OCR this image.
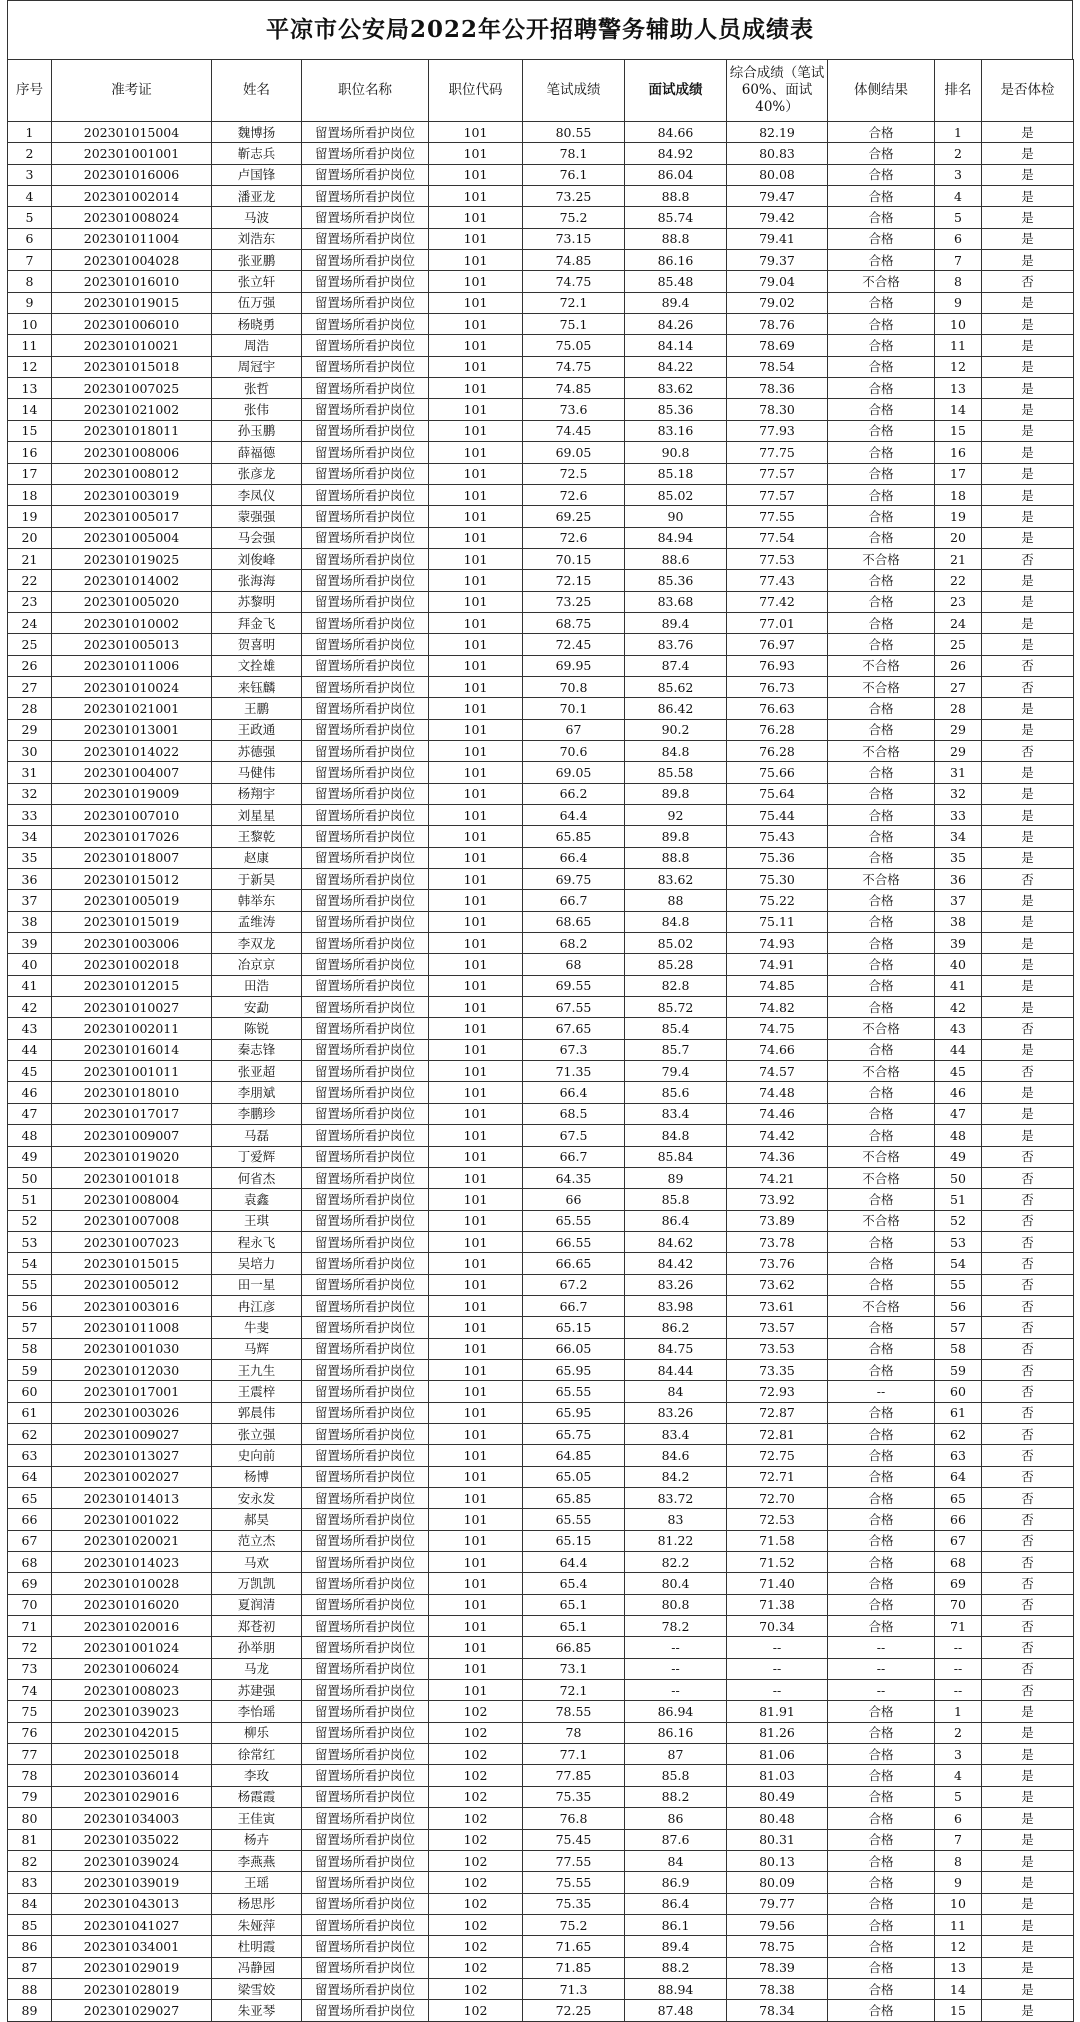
平凉市公安局2022年公开招聘警务辅助人员成绩表
序号	准考证	姓名	职位名称	职位代码	笔试成绩	面试成绩	综合成绩（笔试60%、面试40%）	体侧结果	排名	是否体检
1	202301015004	魏博扬	留置场所看护岗位	101	80.55	84.66	82.19	合格	1	是
2	202301001001	靳志兵	留置场所看护岗位	101	78.1	84.92	80.83	合格	2	是
3	202301016006	卢国锋	留置场所看护岗位	101	76.1	86.04	80.08	合格	3	是
4	202301002014	潘亚龙	留置场所看护岗位	101	73.25	88.8	79.47	合格	4	是
5	202301008024	马波	留置场所看护岗位	101	75.2	85.74	79.42	合格	5	是
6	202301011004	刘浩东	留置场所看护岗位	101	73.15	88.8	79.41	合格	6	是
7	202301004028	张亚鹏	留置场所看护岗位	101	74.85	86.16	79.37	合格	7	是
8	202301016010	张立轩	留置场所看护岗位	101	74.75	85.48	79.04	不合格	8	否
9	202301019015	伍万强	留置场所看护岗位	101	72.1	89.4	79.02	合格	9	是
10	202301006010	杨晓勇	留置场所看护岗位	101	75.1	84.26	78.76	合格	10	是
11	202301010021	周浩	留置场所看护岗位	101	75.05	84.14	78.69	合格	11	是
12	202301015018	周冠宇	留置场所看护岗位	101	74.75	84.22	78.54	合格	12	是
13	202301007025	张哲	留置场所看护岗位	101	74.85	83.62	78.36	合格	13	是
14	202301021002	张伟	留置场所看护岗位	101	73.6	85.36	78.30	合格	14	是
15	202301018011	孙玉鹏	留置场所看护岗位	101	74.45	83.16	77.93	合格	15	是
16	202301008006	薛福德	留置场所看护岗位	101	69.05	90.8	77.75	合格	16	是
17	202301008012	张彦龙	留置场所看护岗位	101	72.5	85.18	77.57	合格	17	是
18	202301003019	李凤仪	留置场所看护岗位	101	72.6	85.02	77.57	合格	18	是
19	202301005017	蒙强强	留置场所看护岗位	101	69.25	90	77.55	合格	19	是
20	202301005004	马会强	留置场所看护岗位	101	72.6	84.94	77.54	合格	20	是
21	202301019025	刘俊峰	留置场所看护岗位	101	70.15	88.6	77.53	不合格	21	否
22	202301014002	张海海	留置场所看护岗位	101	72.15	85.36	77.43	合格	22	是
23	202301005020	苏黎明	留置场所看护岗位	101	73.25	83.68	77.42	合格	23	是
24	202301010002	拜金飞	留置场所看护岗位	101	68.75	89.4	77.01	合格	24	是
25	202301005013	贺喜明	留置场所看护岗位	101	72.45	83.76	76.97	合格	25	是
26	202301011006	文拴雄	留置场所看护岗位	101	69.95	87.4	76.93	不合格	26	否
27	202301010024	来钰麟	留置场所看护岗位	101	70.8	85.62	76.73	不合格	27	否
28	202301021001	王鹏	留置场所看护岗位	101	70.1	86.42	76.63	合格	28	是
29	202301013001	王政通	留置场所看护岗位	101	67	90.2	76.28	合格	29	是
30	202301014022	苏德强	留置场所看护岗位	101	70.6	84.8	76.28	不合格	29	否
31	202301004007	马健伟	留置场所看护岗位	101	69.05	85.58	75.66	合格	31	是
32	202301019009	杨翔宇	留置场所看护岗位	101	66.2	89.8	75.64	合格	32	是
33	202301007010	刘星星	留置场所看护岗位	101	64.4	92	75.44	合格	33	是
34	202301017026	王黎乾	留置场所看护岗位	101	65.85	89.8	75.43	合格	34	是
35	202301018007	赵康	留置场所看护岗位	101	66.4	88.8	75.36	合格	35	是
36	202301015012	于新昊	留置场所看护岗位	101	69.75	83.62	75.30	不合格	36	否
37	202301005019	韩举东	留置场所看护岗位	101	66.7	88	75.22	合格	37	是
38	202301015019	孟维涛	留置场所看护岗位	101	68.65	84.8	75.11	合格	38	是
39	202301003006	李双龙	留置场所看护岗位	101	68.2	85.02	74.93	合格	39	是
40	202301002018	冶京京	留置场所看护岗位	101	68	85.28	74.91	合格	40	是
41	202301012015	田浩	留置场所看护岗位	101	69.55	82.8	74.85	合格	41	是
42	202301010027	安勐	留置场所看护岗位	101	67.55	85.72	74.82	合格	42	是
43	202301002011	陈锐	留置场所看护岗位	101	67.65	85.4	74.75	不合格	43	否
44	202301016014	秦志锋	留置场所看护岗位	101	67.3	85.7	74.66	合格	44	是
45	202301001011	张亚超	留置场所看护岗位	101	71.35	79.4	74.57	不合格	45	否
46	202301018010	李朋斌	留置场所看护岗位	101	66.4	85.6	74.48	合格	46	是
47	202301017017	李鹏珍	留置场所看护岗位	101	68.5	83.4	74.46	合格	47	是
48	202301009007	马磊	留置场所看护岗位	101	67.5	84.8	74.42	合格	48	是
49	202301019020	丁爱辉	留置场所看护岗位	101	66.7	85.84	74.36	不合格	49	否
50	202301001018	何省杰	留置场所看护岗位	101	64.35	89	74.21	不合格	50	否
51	202301008004	袁鑫	留置场所看护岗位	101	66	85.8	73.92	合格	51	否
52	202301007008	王琪	留置场所看护岗位	101	65.55	86.4	73.89	不合格	52	否
53	202301007023	程永飞	留置场所看护岗位	101	66.55	84.62	73.78	合格	53	否
54	202301015015	吴培力	留置场所看护岗位	101	66.65	84.42	73.76	合格	54	否
55	202301005012	田一星	留置场所看护岗位	101	67.2	83.26	73.62	合格	55	否
56	202301003016	冉江彦	留置场所看护岗位	101	66.7	83.98	73.61	不合格	56	否
57	202301011008	牛斐	留置场所看护岗位	101	65.15	86.2	73.57	合格	57	否
58	202301001030	马辉	留置场所看护岗位	101	66.05	84.75	73.53	合格	58	否
59	202301012030	王九生	留置场所看护岗位	101	65.95	84.44	73.35	合格	59	否
60	202301017001	王震梓	留置场所看护岗位	101	65.55	84	72.93	--	60	否
61	202301003026	郭晨伟	留置场所看护岗位	101	65.95	83.26	72.87	合格	61	否
62	202301009027	张立强	留置场所看护岗位	101	65.75	83.4	72.81	合格	62	否
63	202301013027	史向前	留置场所看护岗位	101	64.85	84.6	72.75	合格	63	否
64	202301002027	杨博	留置场所看护岗位	101	65.05	84.2	72.71	合格	64	否
65	202301014013	安永发	留置场所看护岗位	101	65.85	83.72	72.70	合格	65	否
66	202301001022	郝昊	留置场所看护岗位	101	65.55	83	72.53	合格	66	否
67	202301020021	范立杰	留置场所看护岗位	101	65.15	81.22	71.58	合格	67	否
68	202301014023	马欢	留置场所看护岗位	101	64.4	82.2	71.52	合格	68	否
69	202301010028	万凯凯	留置场所看护岗位	101	65.4	80.4	71.40	合格	69	否
70	202301016020	夏润清	留置场所看护岗位	101	65.1	80.8	71.38	合格	70	否
71	202301020016	郑苍初	留置场所看护岗位	101	65.1	78.2	70.34	合格	71	否
72	202301001024	孙举朋	留置场所看护岗位	101	66.85	--	--	--	--	否
73	202301006024	马龙	留置场所看护岗位	101	73.1	--	--	--	--	否
74	202301008023	苏建强	留置场所看护岗位	101	72.1	--	--	--	--	否
75	202301039023	李怡瑶	留置场所看护岗位	102	78.55	86.94	81.91	合格	1	是
76	202301042015	柳乐	留置场所看护岗位	102	78	86.16	81.26	合格	2	是
77	202301025018	徐常红	留置场所看护岗位	102	77.1	87	81.06	合格	3	是
78	202301036014	李玫	留置场所看护岗位	102	77.85	85.8	81.03	合格	4	是
79	202301029016	杨霞霞	留置场所看护岗位	102	75.35	88.2	80.49	合格	5	是
80	202301034003	王佳寅	留置场所看护岗位	102	76.8	86	80.48	合格	6	是
81	202301035022	杨卉	留置场所看护岗位	102	75.45	87.6	80.31	合格	7	是
82	202301039024	李燕燕	留置场所看护岗位	102	77.55	84	80.13	合格	8	是
83	202301039019	王瑶	留置场所看护岗位	102	75.55	86.9	80.09	合格	9	是
84	202301043013	杨思彤	留置场所看护岗位	102	75.35	86.4	79.77	合格	10	是
85	202301041027	朱娅萍	留置场所看护岗位	102	75.2	86.1	79.56	合格	11	是
86	202301034001	杜明霞	留置场所看护岗位	102	71.65	89.4	78.75	合格	12	是
87	202301029019	冯静园	留置场所看护岗位	102	71.85	88.2	78.39	合格	13	是
88	202301028019	梁雪姣	留置场所看护岗位	102	71.3	88.94	78.38	合格	14	是
89	202301029027	朱亚琴	留置场所看护岗位	102	72.25	87.48	78.34	合格	15	是
